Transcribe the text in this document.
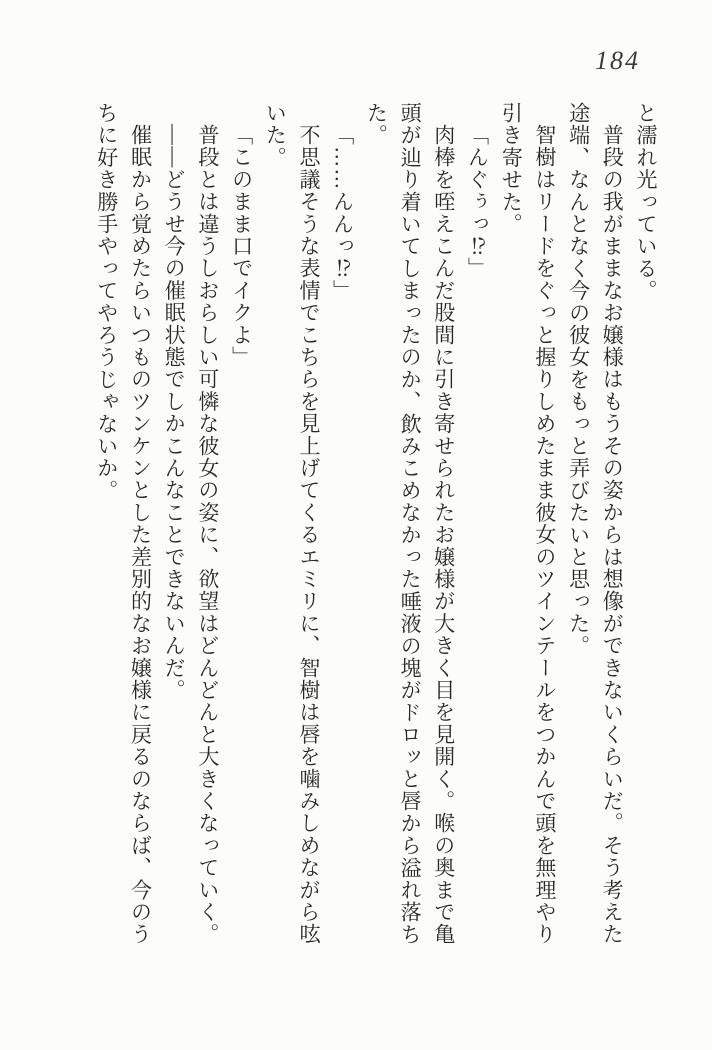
184
と濡れ光っている。
普段の我がままなお嬢様はもうその姿からは想像ができないくらいだ。そう考えた
途端、なんとなく今の彼女をもっと弄びたいと思った。
智樹はリードをぐっと握りしめたまま彼女のツインテールをつかんで頭を無理やり
引き寄せた。
「んぐぅっ⁉」
肉棒を咥えこんだ股間に引き寄せられたお嬢様が大きく目を見開く。喉の奥まで亀
頭が辿り着いてしまったのか、飲みこめなかった唾液の塊がドロッと唇から溢れ落ち
た。
「……んんっ⁉」
不思議そうな表情でこちらを見上げてくるエミリに、智樹は唇を噛みしめながら呟
いた。
「このまま口でイクよ」
普段とは違うしおらしい可憐な彼女の姿に、欲望はどんどんと大きくなっていく。
――どうせ今の催眠状態でしかこんなことできないんだ。
催眠から覚めたらいつものツンケンとした差別的なお嬢様に戻るのならば、今のう
ちに好き勝手やってやろうじゃないか。
